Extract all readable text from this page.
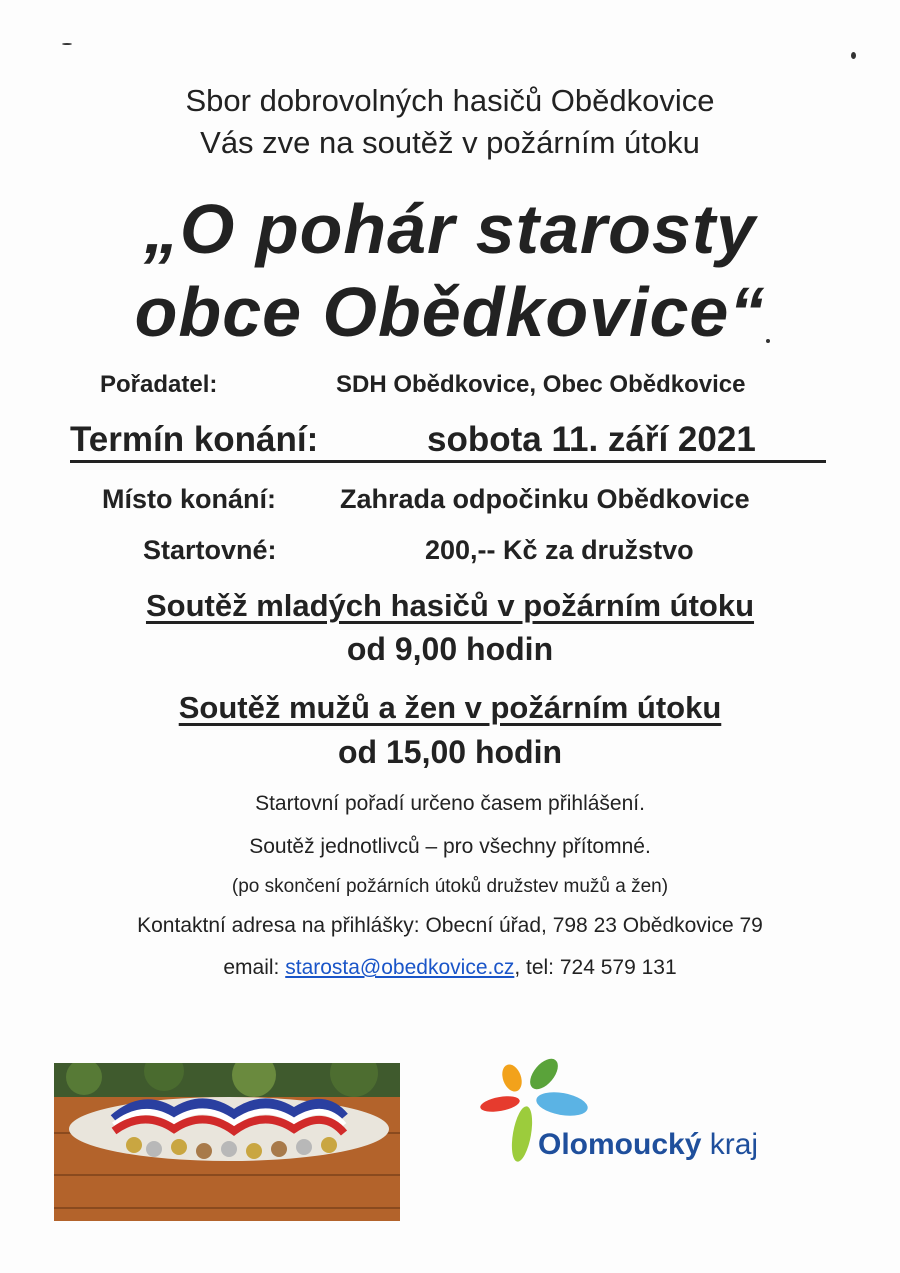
Sbor dobrovolných hasičů Obědkovice
Vás zve na soutěž v požárním útoku
„O pohár starosty
obce Obědkovice“
Pořadatel:	SDH Obědkovice, Obec Obědkovice
Termín konání:	sobota 11. září 2021
Místo konání: Zahrada odpočinku Obědkovice
Startovné:	200,-- Kč za družstvo
Soutěž mladých hasičů v požárním útoku
od 9,00 hodin
Soutěž mužů a žen v požárním útoku
od 15,00 hodin
Startovní pořadí určeno časem přihlášení.
Soutěž jednotlivců – pro všechny přítomné.
(po skončení požárních útoků družstev mužů a žen)
Kontaktní adresa na přihlášky: Obecní úřad, 798 23 Obědkovice 79
email: starosta@obedkovice.cz, tel: 724 579 131
Olomoucký kraj
